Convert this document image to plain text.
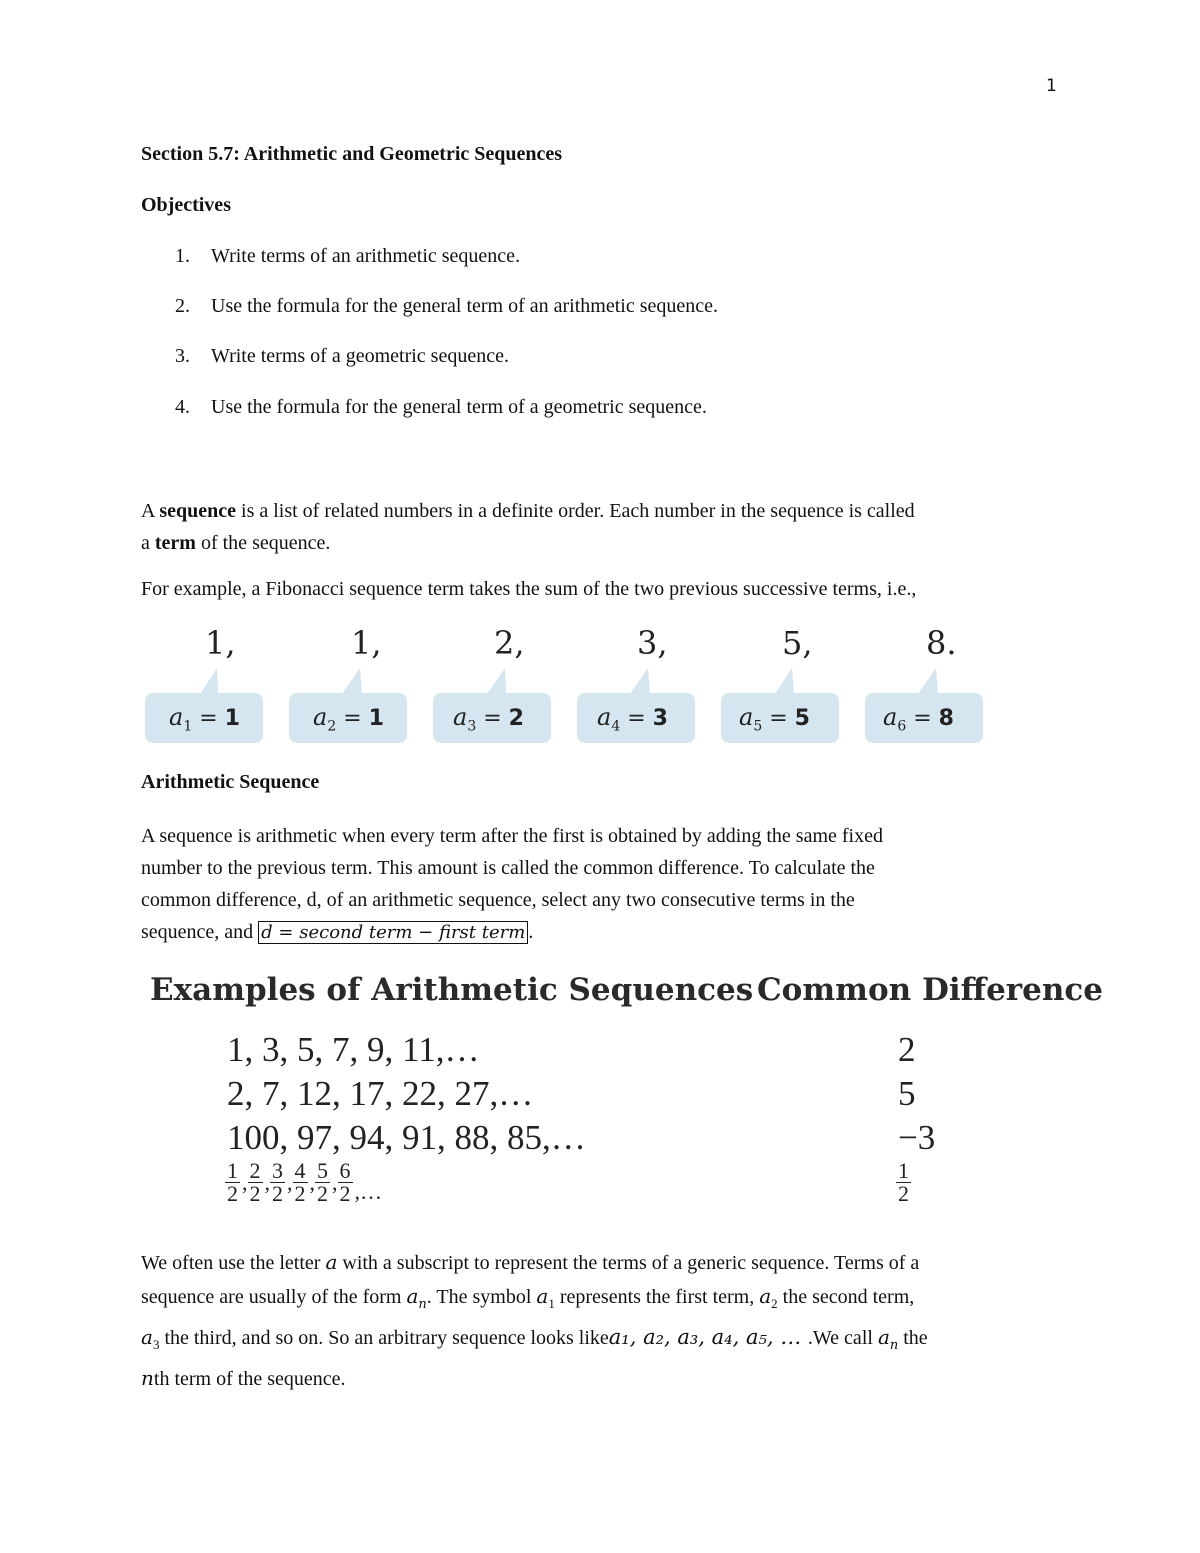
1
Section 5.7: Arithmetic and Geometric Sequences
Objectives
1. Write terms of an arithmetic sequence.
2. Use the formula for the general term of an arithmetic sequence.
3. Write terms of a geometric sequence.
4. Use the formula for the general term of a geometric sequence.
A sequence is a list of related numbers in a definite order. Each number in the sequence is called
a term of the sequence.
For example, a Fibonacci sequence term takes the sum of the two previous successive terms, i.e.,
1,	1,	2,	3,	5,	8.
$a_1 = 1$	$a_2 = 1$	$a_3 = 2$	$a_4 = 3$	$a_5 = 5$	$a_6 = 8$
Arithmetic Sequence
A sequence is arithmetic when every term after the first is obtained by adding the same fixed
number to the previous term. This amount is called the common difference. To calculate the
common difference, d, of an arithmetic sequence, select any two consecutive terms in the
sequence, and d = second term − first term .
Examples of Arithmetic Sequences Common Difference
1, 3, 5, 7, 9, 11,…	2
2, 7, 12, 17, 22, 27,…	5
100, 97, 94, 91, 88, 85,…	−3
$\frac{1}{2}$ , $\frac{2}{2}$ , $\frac{3}{2}$ , $\frac{4}{2}$ , $\frac{5}{2}$ , $\frac{6}{2}$ ,…	$\frac{1}{2}$
We often use the letter a with a subscript to represent the terms of a generic sequence. Terms of a
sequence are usually of the form $a_n$. The symbol $a_1$ represents the first term, $a_2$ the second term,
$a_3$ the third, and so on. So an arbitrary sequence looks likea₁, a₂, a₃, a₄, a₅, … .We call $a_n$ the
nth term of the sequence.
